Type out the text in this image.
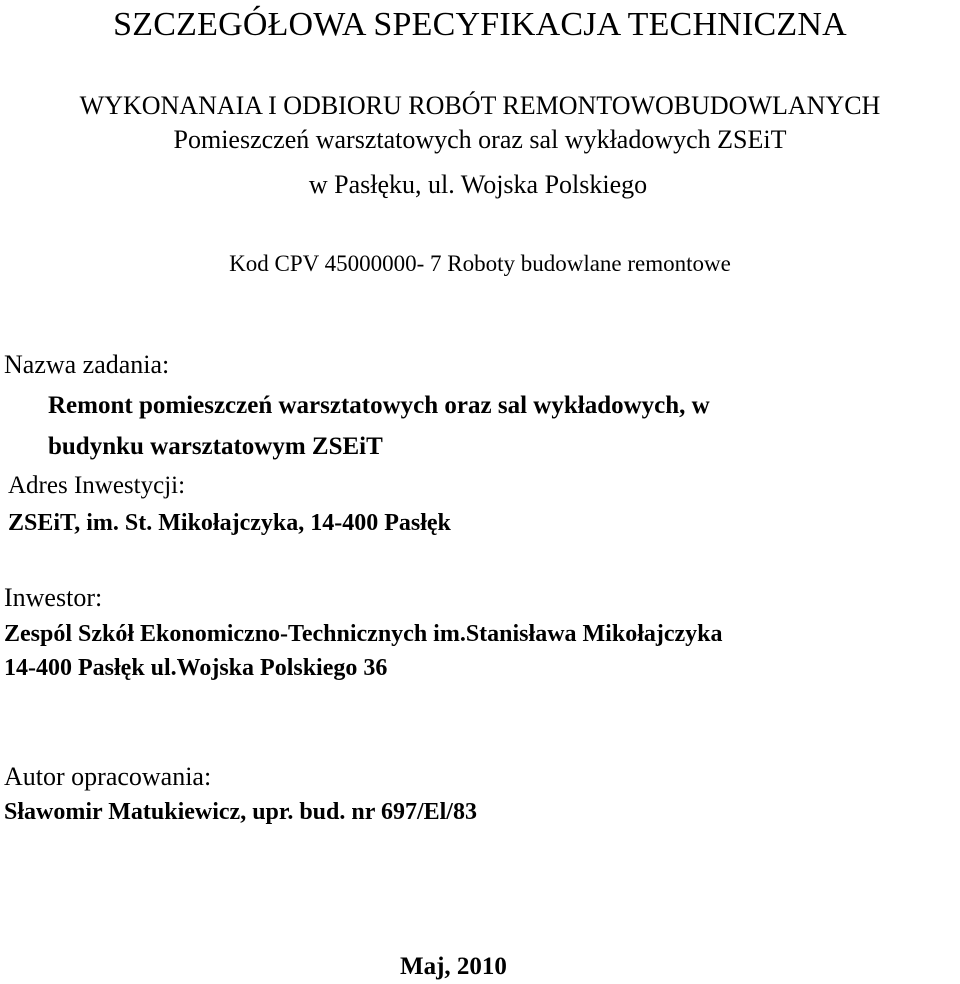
SZCZEGÓŁOWA SPECYFIKACJA TECHNICZNA
WYKONANAIA I ODBIORU ROBÓT REMONTOWOBUDOWLANYCH
Pomieszczeń warsztatowych oraz sal wykładowych ZSEiT
w Pasłęku, ul. Wojska Polskiego
Kod CPV 45000000- 7 Roboty budowlane remontowe
Nazwa zadania:
Remont pomieszczeń warsztatowych oraz sal wykładowych, w
budynku warsztatowym ZSEiT
Adres Inwestycji:
ZSEiT, im. St. Mikołajczyka, 14-400 Pasłęk
Inwestor:
Zespól Szkół Ekonomiczno-Technicznych im.Stanisława Mikołajczyka
14-400 Pasłęk ul.Wojska Polskiego 36
Autor opracowania:
Sławomir Matukiewicz, upr. bud. nr 697/El/83
Maj, 2010
